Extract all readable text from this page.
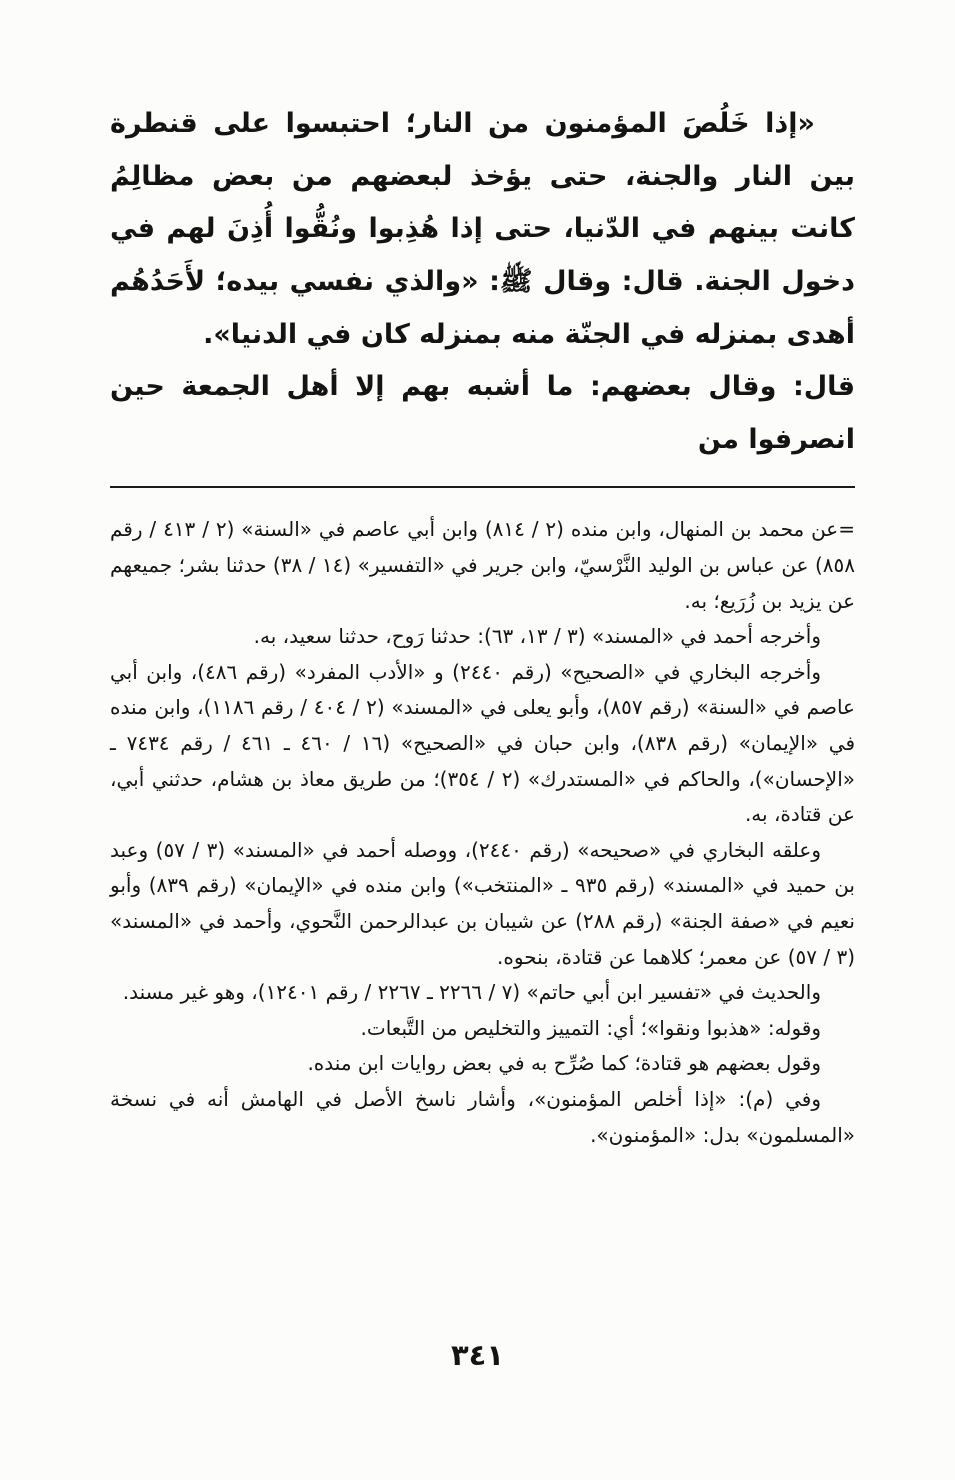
«إذا خَلُصَ المؤمنون من النار؛ احتبسوا على قنطرة بين النار والجنة، حتى يؤخذ لبعضهم من بعض مظالِمُ كانت بينهم في الدّنيا، حتى إذا هُذِبوا ونُقُّوا أُذِنَ لهم في دخول الجنة. قال: وقال ﷺ: «والذي نفسي بيده؛ لأَحَدُهُم أهدى بمنزله في الجنّة منه بمنزله كان في الدنيا».

قال: وقال بعضهم: ما أشبه بهم إلا أهل الجمعة حين انصرفوا من

=عن محمد بن المنهال، وابن منده (٢ / ٨١٤) وابن أبي عاصم في «السنة» (٢ / ٤١٣ / رقم ٨٥٨) عن عباس بن الوليد النَّرْسيّ، وابن جرير في «التفسير» (١٤ / ٣٨) حدثنا بشر؛ جميعهم عن يزيد بن زُرَيع؛ به.

وأخرجه أحمد في «المسند» (٣ / ١٣، ٦٣): حدثنا رَوح، حدثنا سعيد، به.

وأخرجه البخاري في «الصحيح» (رقم ٢٤٤٠) و «الأدب المفرد» (رقم ٤٨٦)، وابن أبي عاصم في «السنة» (رقم ٨٥٧)، وأبو يعلى في «المسند» (٢ / ٤٠٤ / رقم ١١٨٦)، وابن منده في «الإيمان» (رقم ٨٣٨)، وابن حبان في «الصحيح» (١٦ / ٤٦٠ ـ ٤٦١ / رقم ٧٤٣٤ ـ «الإحسان»)، والحاكم في «المستدرك» (٢ / ٣٥٤)؛ من طريق معاذ بن هشام، حدثني أبي، عن قتادة، به.

وعلقه البخاري في «صحيحه» (رقم ٢٤٤٠)، ووصله أحمد في «المسند» (٣ / ٥٧) وعبد بن حميد في «المسند» (رقم ٩٣٥ ـ «المنتخب») وابن منده في «الإيمان» (رقم ٨٣٩) وأبو نعيم في «صفة الجنة» (رقم ٢٨٨) عن شيبان بن عبدالرحمن النَّحوي، وأحمد في «المسند» (٣ / ٥٧) عن معمر؛ كلاهما عن قتادة، بنحوه.

والحديث في «تفسير ابن أبي حاتم» (٧ / ٢٢٦٦ ـ ٢٢٦٧ / رقم ١٢٤٠١)، وهو غير مسند.

وقوله: «هذبوا ونقوا»؛ أي: التمييز والتخليص من التَّبعات.

وقول بعضهم هو قتادة؛ كما صُرِّح به في بعض روايات ابن منده.

وفي (م): «إذا أخلص المؤمنون»، وأشار ناسخ الأصل في الهامش أنه في نسخة «المسلمون» بدل: «المؤمنون».

٣٤١
